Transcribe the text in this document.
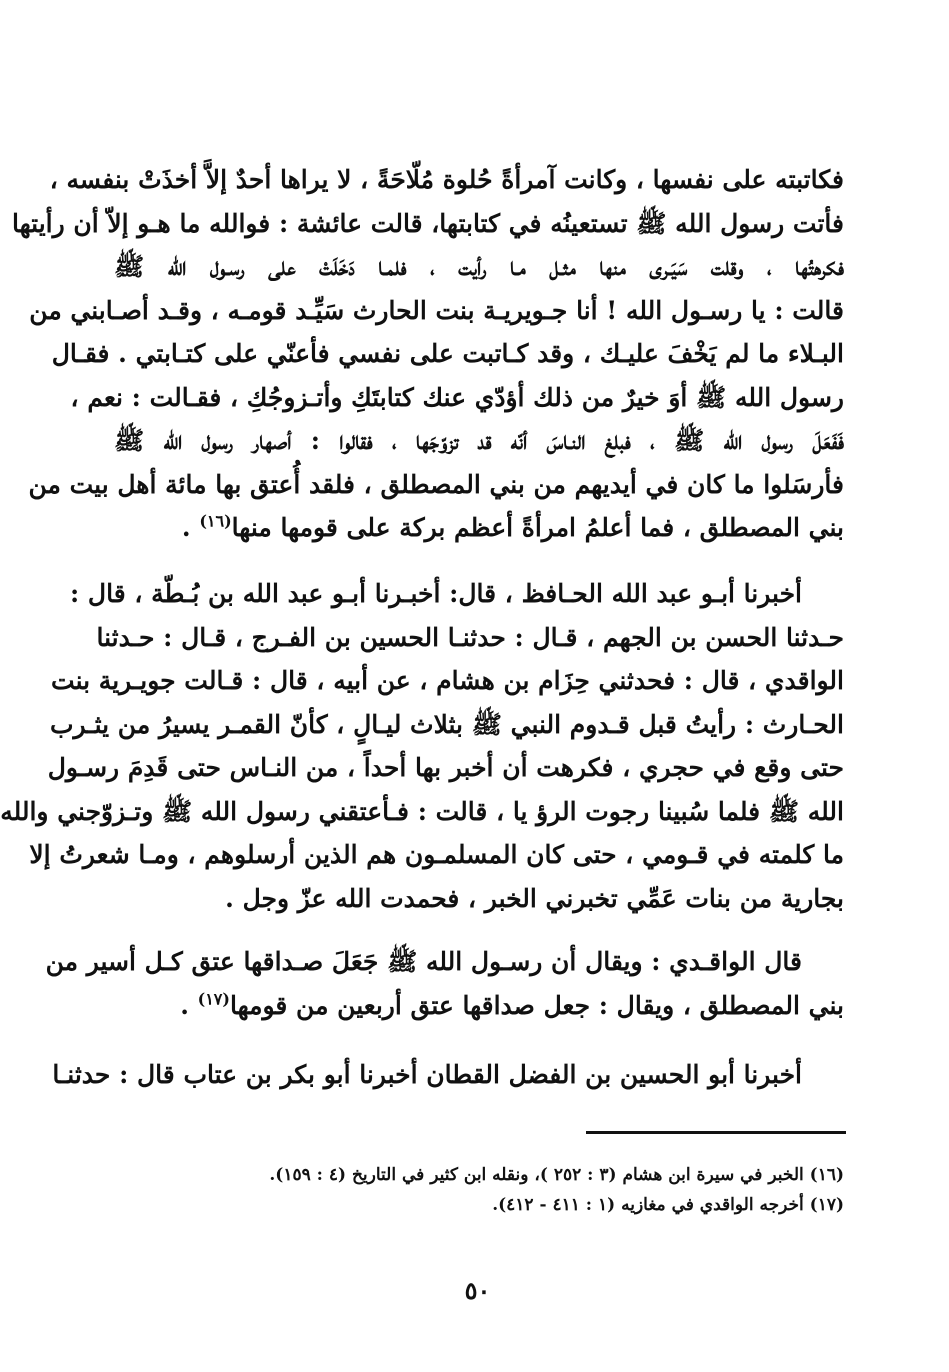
فكاتبته على نفسها ، وكانت آمرأةً حُلوة مُلّاحَةً ، لا يراها أحدٌ إلاَّ أخذَتْ بنفسه ،
فأتت رسول الله ﷺ تستعينُه في كتابتها، قالت عائشة : فوالله ما هـو إلاّ أن رأيتها
فكرهتُها ، وقلت سَيَـرى منها مثـل مـا رأيت ، فلمـا دَخَلَتْ على رسـول الله ﷺ
قالت : يا رسـول الله ! أنا جـويريـة بنت الحارث سَيِّـد قومـه ، وقـد أصـابني من
البـلاء ما لم يَخْفَ عليـك ، وقد كـاتبت على نفسي فأعنّي على كتـابتي . فقـال
رسول الله ﷺ أوَ خيرٌ من ذلك أؤدّي عنك كتابتَكِ وأتـزوجُكِ ، فقـالت : نعم ،
فَفَعَلَ رسول الله ﷺ ، فبلغ النـاسَ أنّه قد تزوّجَها ، فقالوا : أصهار رسول الله ﷺ
فأرسَلوا ما كان في أيديهم من بني المصطلق ، فلقد أُعتق بها مائة أهل بيت من
بني المصطلق ، فما أعلمُ امرأةً أعظم بركة على قومها منها$^{(١٦)}$ .
أخبرنا أبـو عبد الله الحـافظ ، قال: أخبـرنا أبـو عبد الله بن بُـطّة ، قال :
حـدثنا الحسن بن الجهم ، قـال : حدثنـا الحسين بن الفـرج ، قـال : حـدثنا
الواقدي ، قال : فحدثني حِزَام بن هشام ، عن أبيه ، قال : قـالت جويـرية بنت
الحـارث : رأيتُ قبل قـدوم النبي ﷺ بثلاث ليـالٍ ، كأنّ القمـر يسيرُ من يثـرب
حتى وقع في حجري ، فكرهت أن أخبر بها أحداً ، من النـاس حتى قَدِمَ رسـول
الله ﷺ فلما سُبينا رجوت الرؤ يا ، قالت : فـأعتقني رسول الله ﷺ وتـزوّجني والله
ما كلمته في قـومي ، حتى كان المسلمـون هم الذين أرسلوهم ، ومـا شعرتُ إلا
بجارية من بنات عَمِّي تخبرني الخبر ، فحمدت الله عزّ وجل .
قال الواقـدي : ويقال أن رسـول الله ﷺ جَعَلَ صـداقها عتق كـل أسير من
بني المصطلق ، ويقال : جعل صداقها عتق أربعين من قومها$^{(١٧)}$ .
أخبرنا أبو الحسين بن الفضل القطان أخبرنا أبو بكر بن عتاب قال : حدثنـا
(١٦) الخبر في سيرة ابن هشام (٣ : ٢٥٢ )، ونقله ابن كثير في التاريخ (٤ : ١٥٩).
(١٧) أخرجه الواقدي في مغازيه (١ : ٤١١ - ٤١٢).
٥٠
